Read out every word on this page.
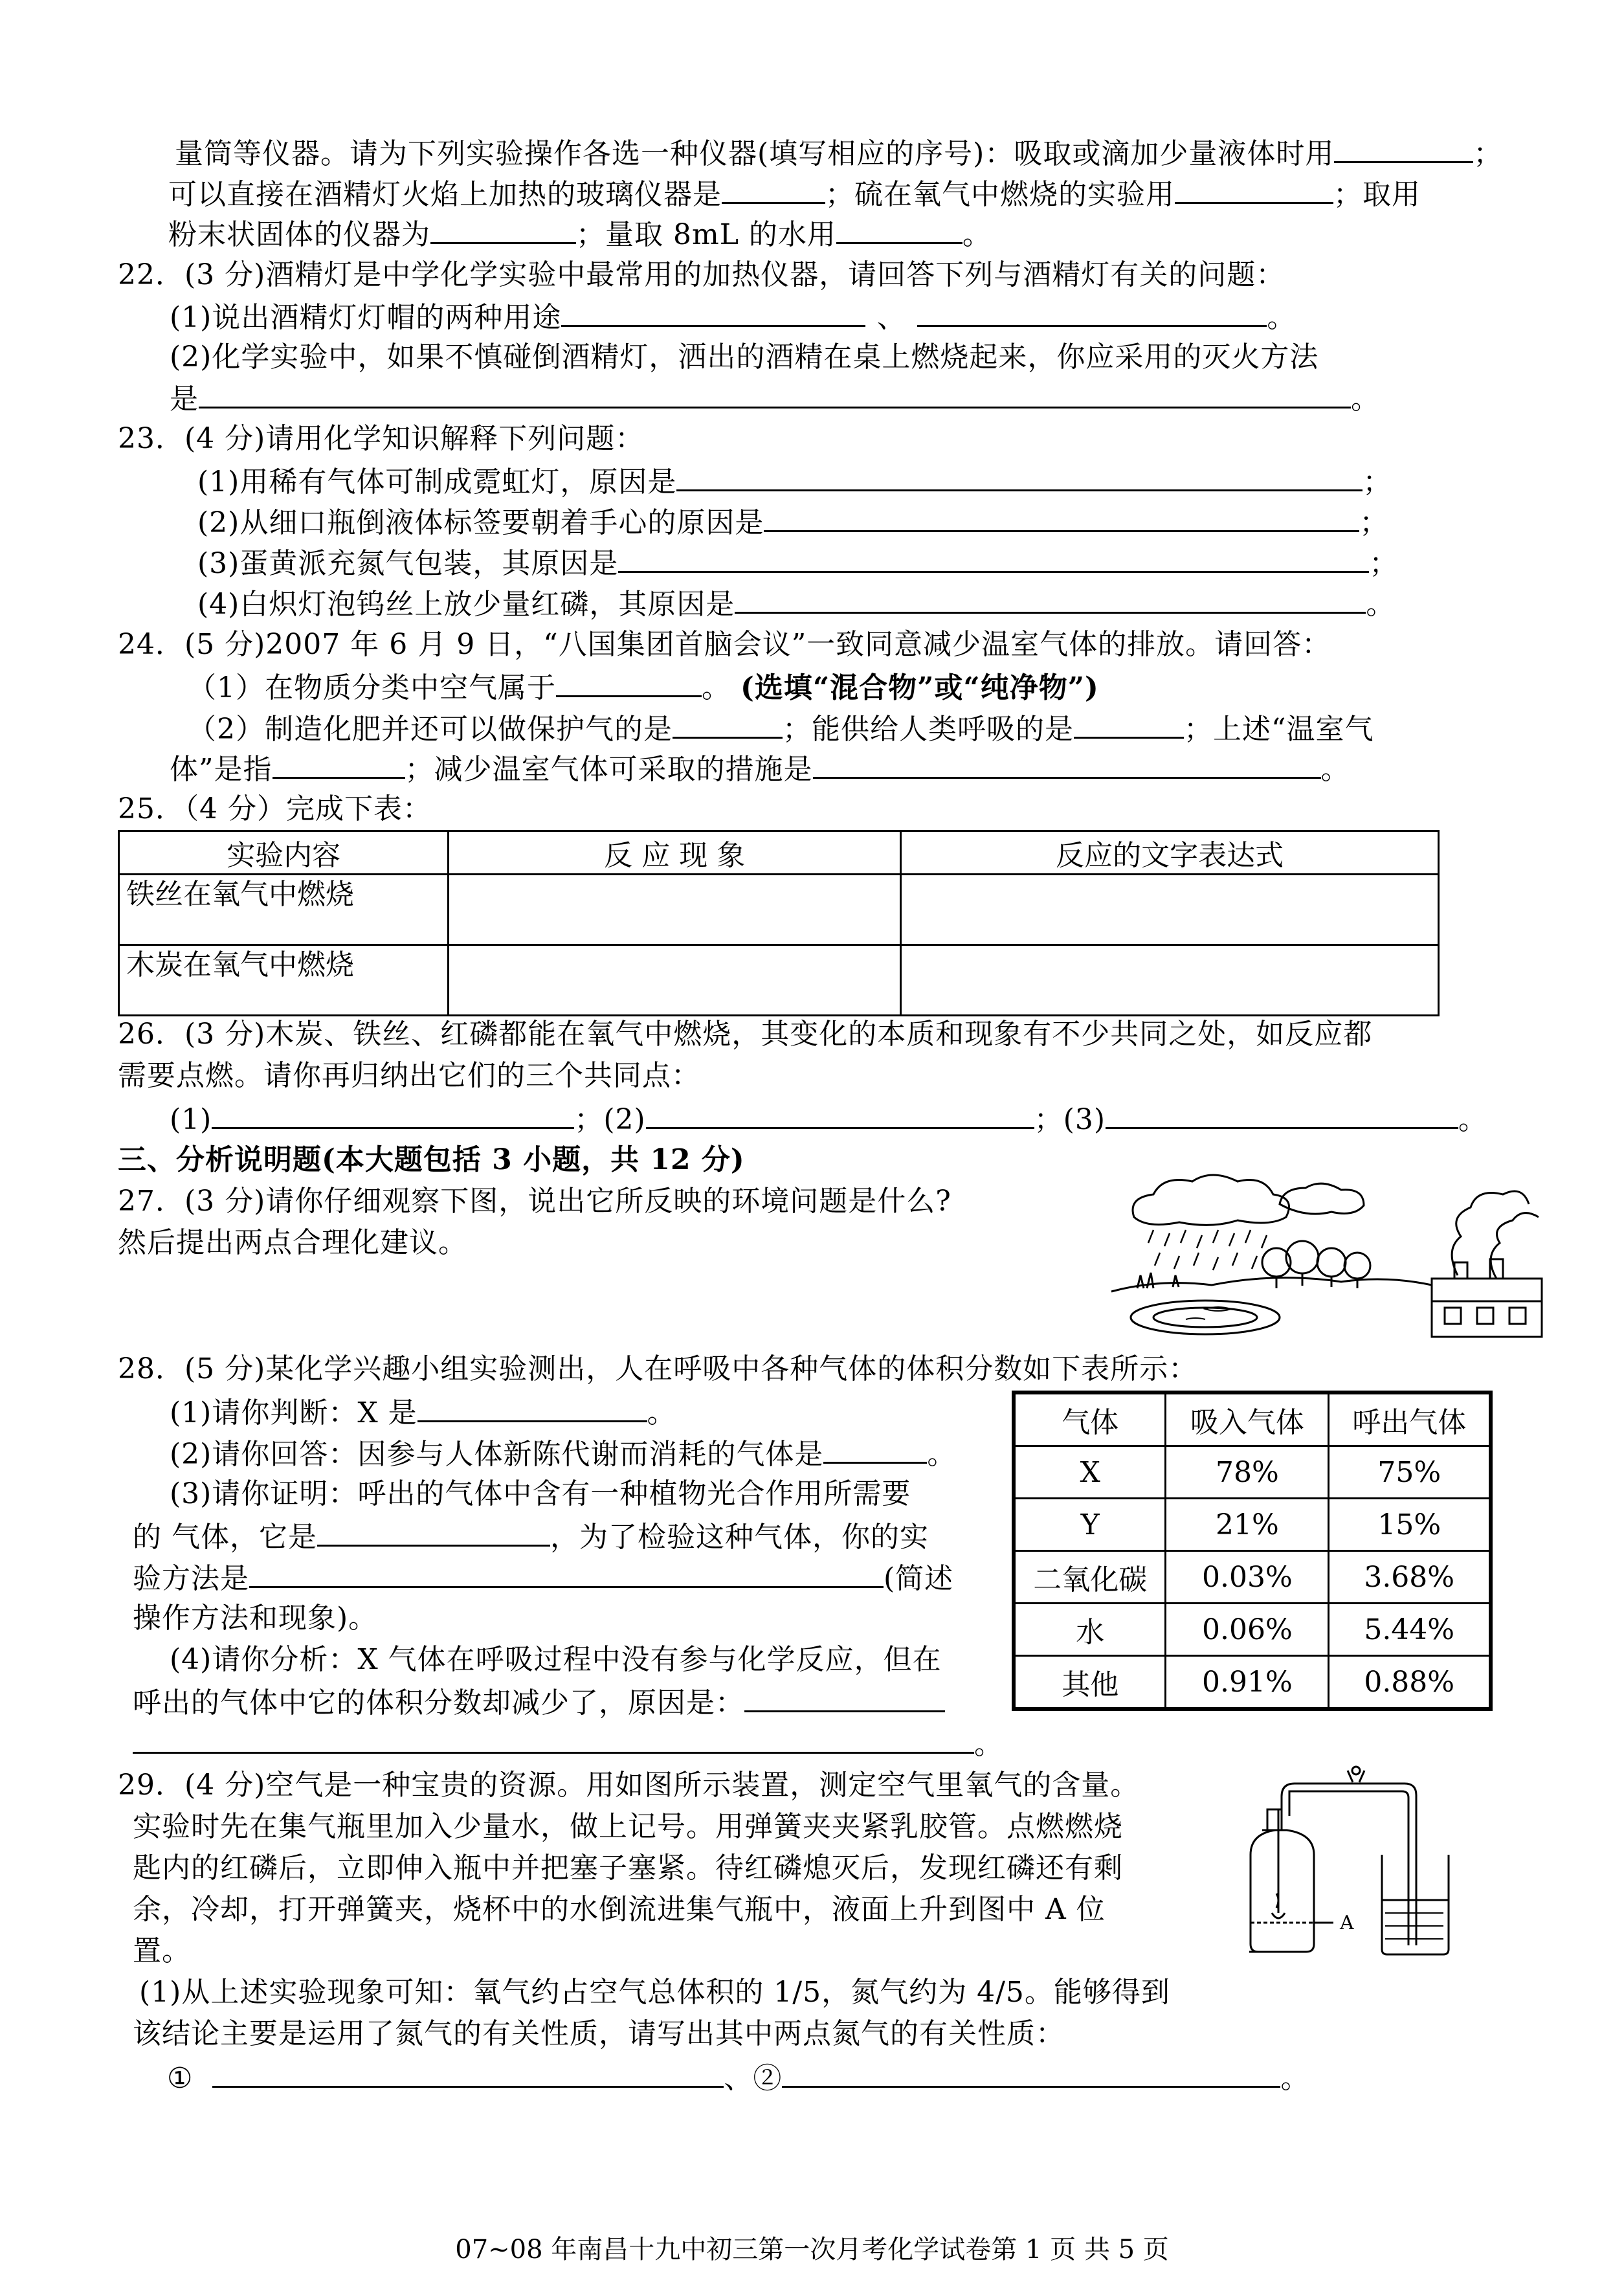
量筒等仪器。请为下列实验操作各选一种仪器(填写相应的序号)：吸取或滴加少量液体时用	；
可以直接在酒精灯火焰上加热的玻璃仪器是	；硫在氧气中燃烧的实验用	；取用
粉末状固体的仪器为	；量取 8mL 的水用	。
22．(3 分)酒精灯是中学化学实验中最常用的加热仪器，请回答下列与酒精灯有关的问题：
(1)说出酒精灯灯帽的两种用途	、	。
(2)化学实验中，如果不慎碰倒酒精灯，洒出的酒精在桌上燃烧起来，你应采用的灭火方法
是	。
23．(4 分)请用化学知识解释下列问题：
(1)用稀有气体可制成霓虹灯，原因是	；
(2)从细口瓶倒液体标签要朝着手心的原因是	；
(3)蛋黄派充氮气包装，其原因是	；
(4)白炽灯泡钨丝上放少量红磷，其原因是	。
24．(5 分)2007 年 6 月 9 日，“八国集团首脑会议”一致同意减少温室气体的排放。请回答：
（1）在物质分类中空气属于	。 (选填“混合物”或“纯净物”)
（2）制造化肥并还可以做保护气的是	；能供给人类呼吸的是	；上述“温室气
体”是指	；减少温室气体可采取的措施是	。
25．（4 分）完成下表：
实验内容	反 应 现 象	反应的文字表达式
铁丝在氧气中燃烧		
木炭在氧气中燃烧		
26．(3 分)木炭、铁丝、红磷都能在氧气中燃烧，其变化的本质和现象有不少共同之处，如反应都
需要点燃。请你再归纳出它们的三个共同点：
(1)	；(2)	；(3)	。
三、分析说明题(本大题包括 3 小题，共 12 分)
27．(3 分)请你仔细观察下图，说出它所反映的环境问题是什么?
然后提出两点合理化建议。
28．(5 分)某化学兴趣小组实验测出，人在呼吸中各种气体的体积分数如下表所示：
(1)请你判断：X 是	。
(2)请你回答：因参与人体新陈代谢而消耗的气体是	。
(3)请你证明：呼出的气体中含有一种植物光合作用所需要
的 气体，它是	，为了检验这种气体，你的实
验方法是	(简述
操作方法和现象)。
(4)请你分析：X 气体在呼吸过程中没有参与化学反应，但在
呼出的气体中它的体积分数却减少了，原因是：
。
气体	吸入气体	呼出气体
X	78%	75%
Y	21%	15%
二氧化碳	0.03%	3.68%
水	0.06%	5.44%
其他	0.91%	0.88%
29．(4 分)空气是一种宝贵的资源。用如图所示装置，测定空气里氧气的含量。
实验时先在集气瓶里加入少量水，做上记号。用弹簧夹夹紧乳胶管。点燃燃烧
匙内的红磷后，立即伸入瓶中并把塞子塞紧。待红磷熄灭后，发现红磷还有剩
余，冷却，打开弹簧夹，烧杯中的水倒流进集气瓶中，液面上升到图中 A 位
置。
(1)从上述实验现象可知：氧气约占空气总体积的 1/5，氮气约为 4/5。能够得到
该结论主要是运用了氮气的有关性质，请写出其中两点氮气的有关性质：
①	、②	。
A
07~08 年南昌十九中初三第一次月考化学试卷第 1 页 共 5 页
